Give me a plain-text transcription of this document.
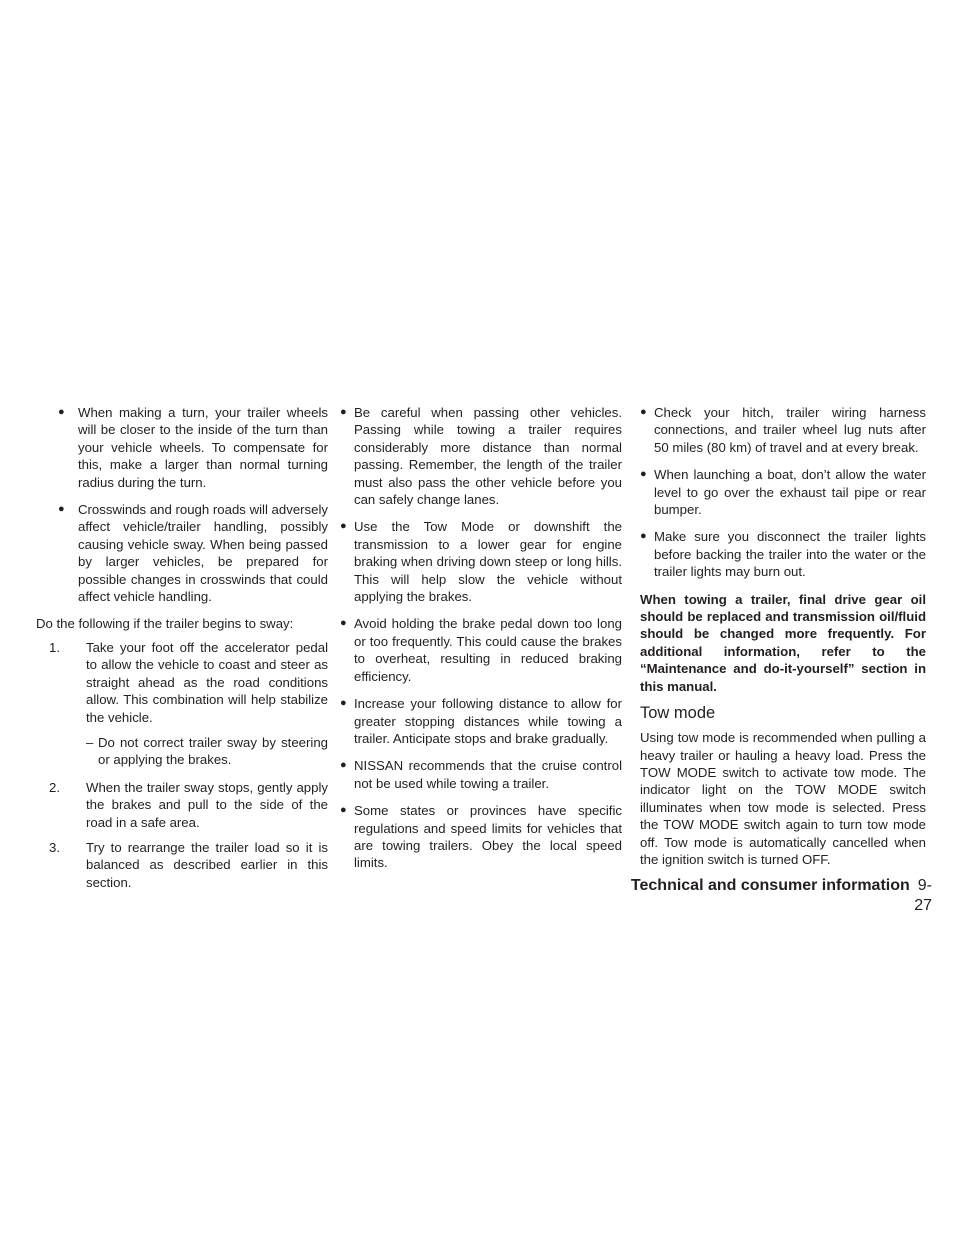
● When making a turn, your trailer wheels will be closer to the inside of the turn than your vehicle wheels. To compensate for this, make a larger than normal turning radius during the turn.
● Crosswinds and rough roads will adversely affect vehicle/trailer handling, possibly causing vehicle sway. When being passed by larger vehicles, be prepared for possible changes in crosswinds that could affect vehicle handling.

Do the following if the trailer begins to sway:

1. Take your foot off the accelerator pedal to allow the vehicle to coast and steer as straight ahead as the road conditions allow. This combination will help stabilize the vehicle.
– Do not correct trailer sway by steering or applying the brakes.
2. When the trailer sway stops, gently apply the brakes and pull to the side of the road in a safe area.
3. Try to rearrange the trailer load so it is balanced as described earlier in this section.
● Be careful when passing other vehicles. Passing while towing a trailer requires considerably more distance than normal passing. Remember, the length of the trailer must also pass the other vehicle before you can safely change lanes.
● Use the Tow Mode or downshift the transmission to a lower gear for engine braking when driving down steep or long hills. This will help slow the vehicle without applying the brakes.
● Avoid holding the brake pedal down too long or too frequently. This could cause the brakes to overheat, resulting in reduced braking efficiency.
● Increase your following distance to allow for greater stopping distances while towing a trailer. Anticipate stops and brake gradually.
● NISSAN recommends that the cruise control not be used while towing a trailer.
● Some states or provinces have specific regulations and speed limits for vehicles that are towing trailers. Obey the local speed limits.
● Check your hitch, trailer wiring harness connections, and trailer wheel lug nuts after 50 miles (80 km) of travel and at every break.
● When launching a boat, don’t allow the water level to go over the exhaust tail pipe or rear bumper.
● Make sure you disconnect the trailer lights before backing the trailer into the water or the trailer lights may burn out.

When towing a trailer, final drive gear oil should be replaced and transmission oil/fluid should be changed more frequently. For additional information, refer to the “Maintenance and do-it-yourself” section in this manual.

Tow mode

Using tow mode is recommended when pulling a heavy trailer or hauling a heavy load. Press the TOW MODE switch to activate tow mode. The indicator light on the TOW MODE switch illuminates when tow mode is selected. Press the TOW MODE switch again to turn tow mode off. Tow mode is automatically cancelled when the ignition switch is turned OFF.

Technical and consumer information 9-27
